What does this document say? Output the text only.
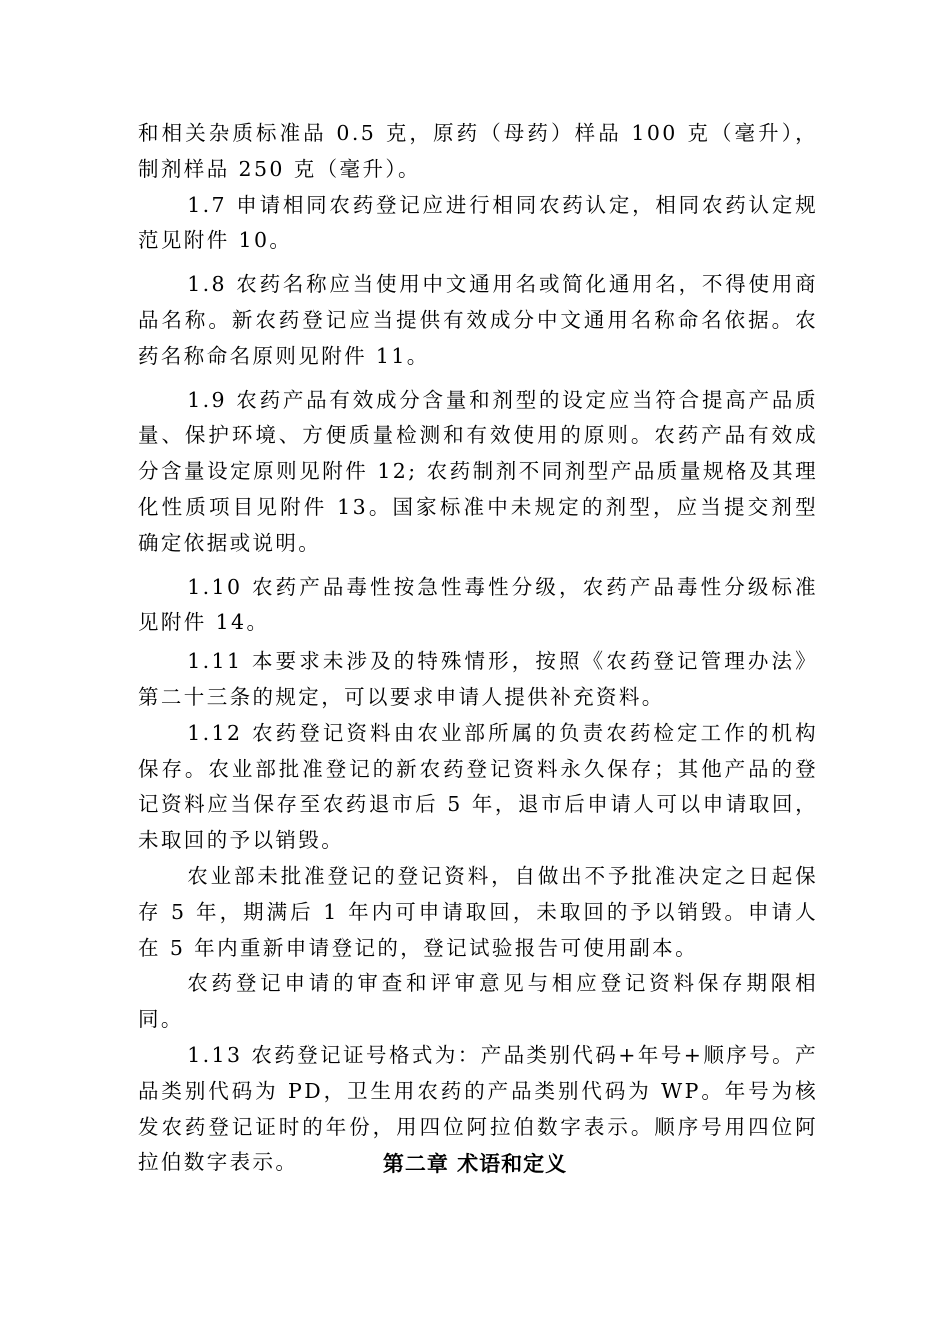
和相关杂质标准品 0.5 克，原药（母药）样品 100 克（毫升），制剂样品 250 克（毫升）。

1.7 申请相同农药登记应进行相同农药认定，相同农药认定规范见附件 10。

1.8 农药名称应当使用中文通用名或简化通用名，不得使用商品名称。新农药登记应当提供有效成分中文通用名称命名依据。农药名称命名原则见附件 11。

1.9 农药产品有效成分含量和剂型的设定应当符合提高产品质量、保护环境、方便质量检测和有效使用的原则。农药产品有效成分含量设定原则见附件 12; 农药制剂不同剂型产品质量规格及其理化性质项目见附件 13。国家标准中未规定的剂型，应当提交剂型确定依据或说明。

1.10 农药产品毒性按急性毒性分级，农药产品毒性分级标准见附件 14。

1.11 本要求未涉及的特殊情形，按照《农药登记管理办法》第二十三条的规定，可以要求申请人提供补充资料。

1.12 农药登记资料由农业部所属的负责农药检定工作的机构保存。农业部批准登记的新农药登记资料永久保存；其他产品的登记资料应当保存至农药退市后 5 年，退市后申请人可以申请取回，未取回的予以销毁。

农业部未批准登记的登记资料，自做出不予批准决定之日起保存 5 年，期满后 1 年内可申请取回，未取回的予以销毁。申请人在 5 年内重新申请登记的，登记试验报告可使用副本。

农药登记申请的审查和评审意见与相应登记资料保存期限相同。

1.13 农药登记证号格式为：产品类别代码+年号+顺序号。产品类别代码为 PD，卫生用农药的产品类别代码为 WP。年号为核发农药登记证时的年份，用四位阿拉伯数字表示。顺序号用四位阿拉伯数字表示。	第二章 术语和定义
